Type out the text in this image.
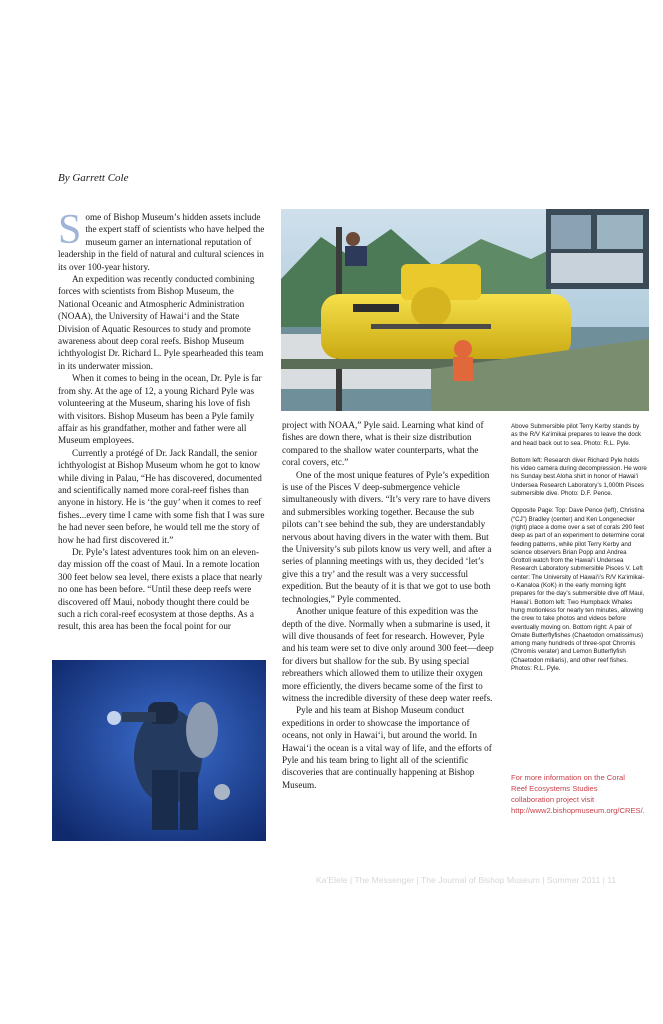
By Garrett Cole

Some of Bishop Museum’s hidden assets include the expert staff of scientists who have helped the museum garner an international reputation of leadership in the field of natural and cultural sciences in its over 100-year history.

An expedition was recently conducted combining forces with scientists from Bishop Museum, the National Oceanic and Atmospheric Administration (NOAA), the University of Hawai‘i and the State Division of Aquatic Resources to study and promote awareness about deep coral reefs. Bishop Museum ichthyologist Dr. Richard L. Pyle spearheaded this team in its underwater mission.

When it comes to being in the ocean, Dr. Pyle is far from shy. At the age of 12, a young Richard Pyle was volunteering at the Museum, sharing his love of fish with visitors. Bishop Museum has been a Pyle family affair as his grandfather, mother and father were all Museum employees.

Currently a protégé of Dr. Jack Randall, the senior ichthyologist at Bishop Museum whom he got to know while diving in Palau, “He has discovered, documented and scientifically named more coral-reef fishes than anyone in history. He is ‘the guy’ when it comes to reef fishes...every time I came with some fish that I was sure he had never seen before, he would tell me the story of how he had first discovered it.”

Dr. Pyle’s latest adventures took him on an eleven-day mission off the coast of Maui. In a remote location 300 feet below sea level, there exists a place that nearly no one has been before. “Until these deep reefs were discovered off Maui, nobody thought there could be such a rich coral-reef ecosystem at those depths. As a result, this area has been the focal point for our

project with NOAA,” Pyle said. Learning what kind of fishes are down there, what is their size distribution compared to the shallow water counterparts, what the coral covers, etc.”

One of the most unique features of Pyle’s expedition is use of the Pisces V deep-submergence vehicle simultaneously with divers. “It’s very rare to have divers and submersibles working together. Because the sub pilots can’t see behind the sub, they are understandably nervous about having divers in the water with them. But the University’s sub pilots know us very well, and after a series of planning meetings with us, they decided ‘let’s give this a try’ and the result was a very successful expedition. But the beauty of it is that we got to use both technologies,” Pyle commented.

Another unique feature of this expedition was the depth of the dive. Normally when a submarine is used, it will dive thousands of feet for research. However, Pyle and his team were set to dive only around 300 feet—deep for divers but shallow for the sub. By using special rebreathers which allowed them to utilize their oxygen more efficiently, the divers became some of the first to witness the incredible diversity of these deep water reefs.

Pyle and his team at Bishop Museum conduct expeditions in order to showcase the importance of oceans, not only in Hawai‘i, but around the world. In Hawai‘i the ocean is a vital way of life, and the efforts of Pyle and his team bring to light all of the scientific discoveries that are continually happening at Bishop Museum.

Above Submersible pilot Terry Kerby stands by as the R/V Ka‘imikai prepares to leave the dock and head back out to sea. Photo: R.L. Pyle.

Bottom left: Research diver Richard Pyle holds his video camera during decompression. He wore his Sunday best Aloha shirt in honor of Hawai‘i Undersea Research Laboratory’s 1,000th Pisces submersible dive. Photo: D.F. Pence.

Opposite Page: Top: Dave Pence (left), Christina (“CJ”) Bradley (center) and Ken Longenecker (right) place a dome over a set of corals 290 feet deep as part of an experiment to determine coral feeding patterns, while pilot Terry Kerby and science observers Brian Popp and Andrea Grottoli watch from the Hawai‘i Undersea Research Laboratory submersible Pisces V. Left center: The University of Hawai‘i’s R/V Ka‘imikai-o-Kanaloa (KoK) in the early morning light prepares for the day’s submersible dive off Maui, Hawai‘i. Bottom left: Two Humpback Whales hung motionless for nearly ten minutes, allowing the crew to take photos and videos before eventually moving on. Bottom right: A pair of Ornate Butterflyfishes (Chaetodon ornatissimus) among many hundreds of three-spot Chromis (Chromis verater) and Lemon Butterflyfish (Chaetodon miliaris), and other reef fishes. Photos: R.L. Pyle.

For more information on the Coral Reef Ecosystems Studies collaboration project visit http://www2.bishopmuseum.org/CRES/.
Ka‘Elele | The Messenger | The Journal of Bishop Museum | Summer 2011 | 11
